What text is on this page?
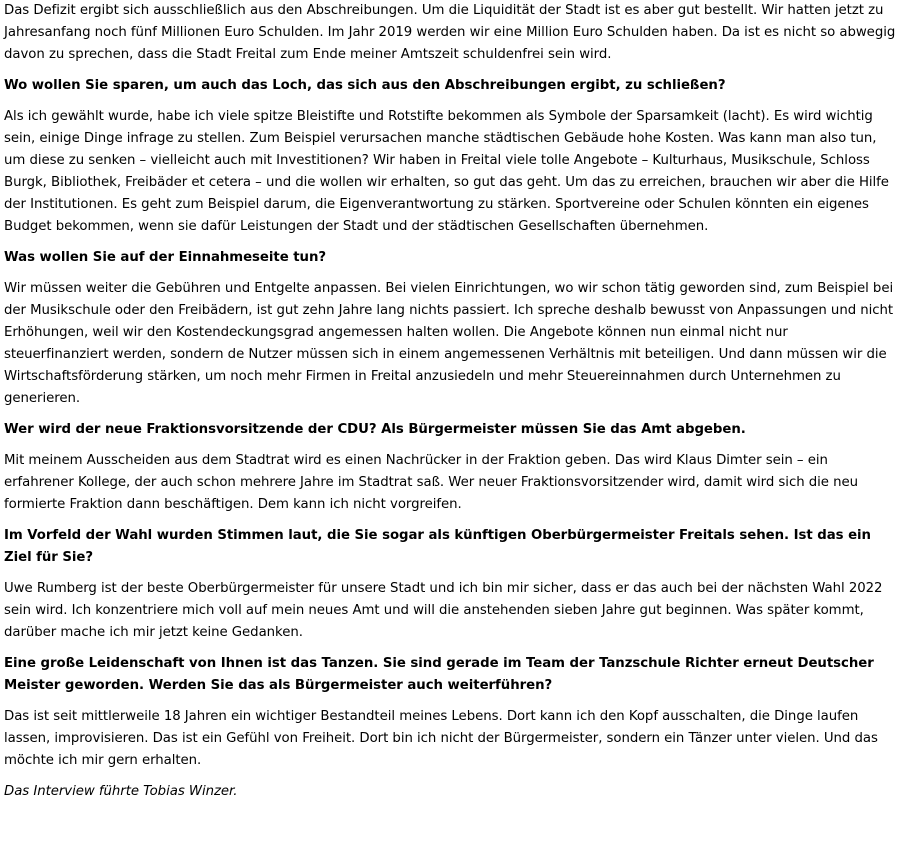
Das Defizit ergibt sich ausschließlich aus den Abschreibungen. Um die Liquidität der Stadt ist es aber gut bestellt. Wir hatten jetzt zu Jahresanfang noch fünf Millionen Euro Schulden. Im Jahr 2019 werden wir eine Million Euro Schulden haben. Da ist es nicht so abwegig davon zu sprechen, dass die Stadt Freital zum Ende meiner Amtszeit schuldenfrei sein wird.

Wo wollen Sie sparen, um auch das Loch, das sich aus den Abschreibungen ergibt, zu schließen?

Als ich gewählt wurde, habe ich viele spitze Bleistifte und Rotstifte bekommen als Symbole der Sparsamkeit (lacht). Es wird wichtig sein, einige Dinge infrage zu stellen. Zum Beispiel verursachen manche städtischen Gebäude hohe Kosten. Was kann man also tun, um diese zu senken – vielleicht auch mit Investitionen? Wir haben in Freital viele tolle Angebote – Kulturhaus, Musikschule, Schloss Burgk, Bibliothek, Freibäder et cetera – und die wollen wir erhalten, so gut das geht. Um das zu erreichen, brauchen wir aber die Hilfe der Institutionen. Es geht zum Beispiel darum, die Eigenverantwortung zu stärken. Sportvereine oder Schulen könnten ein eigenes Budget bekommen, wenn sie dafür Leistungen der Stadt und der städtischen Gesellschaften übernehmen.

Was wollen Sie auf der Einnahmeseite tun?

Wir müssen weiter die Gebühren und Entgelte anpassen. Bei vielen Einrichtungen, wo wir schon tätig geworden sind, zum Beispiel bei der Musikschule oder den Freibädern, ist gut zehn Jahre lang nichts passiert. Ich spreche deshalb bewusst von Anpassungen und nicht Erhöhungen, weil wir den Kostendeckungsgrad angemessen halten wollen. Die Angebote können nun einmal nicht nur steuerfinanziert werden, sondern de Nutzer müssen sich in einem angemessenen Verhältnis mit beteiligen. Und dann müssen wir die Wirtschaftsförderung stärken, um noch mehr Firmen in Freital anzusiedeln und mehr Steuereinnahmen durch Unternehmen zu generieren.

Wer wird der neue Fraktionsvorsitzende der CDU? Als Bürgermeister müssen Sie das Amt abgeben.

Mit meinem Ausscheiden aus dem Stadtrat wird es einen Nachrücker in der Fraktion geben. Das wird Klaus Dimter sein – ein erfahrener Kollege, der auch schon mehrere Jahre im Stadtrat saß. Wer neuer Fraktionsvorsitzender wird, damit wird sich die neu formierte Fraktion dann beschäftigen. Dem kann ich nicht vorgreifen.

Im Vorfeld der Wahl wurden Stimmen laut, die Sie sogar als künftigen Oberbürgermeister Freitals sehen. Ist das ein Ziel für Sie?

Uwe Rumberg ist der beste Oberbürgermeister für unsere Stadt und ich bin mir sicher, dass er das auch bei der nächsten Wahl 2022 sein wird. Ich konzentriere mich voll auf mein neues Amt und will die anstehenden sieben Jahre gut beginnen. Was später kommt, darüber mache ich mir jetzt keine Gedanken.

Eine große Leidenschaft von Ihnen ist das Tanzen. Sie sind gerade im Team der Tanzschule Richter erneut Deutscher Meister geworden. Werden Sie das als Bürgermeister auch weiterführen?

Das ist seit mittlerweile 18 Jahren ein wichtiger Bestandteil meines Lebens. Dort kann ich den Kopf ausschalten, die Dinge laufen lassen, improvisieren. Das ist ein Gefühl von Freiheit. Dort bin ich nicht der Bürgermeister, sondern ein Tänzer unter vielen. Und das möchte ich mir gern erhalten.

Das Interview führte Tobias Winzer.
